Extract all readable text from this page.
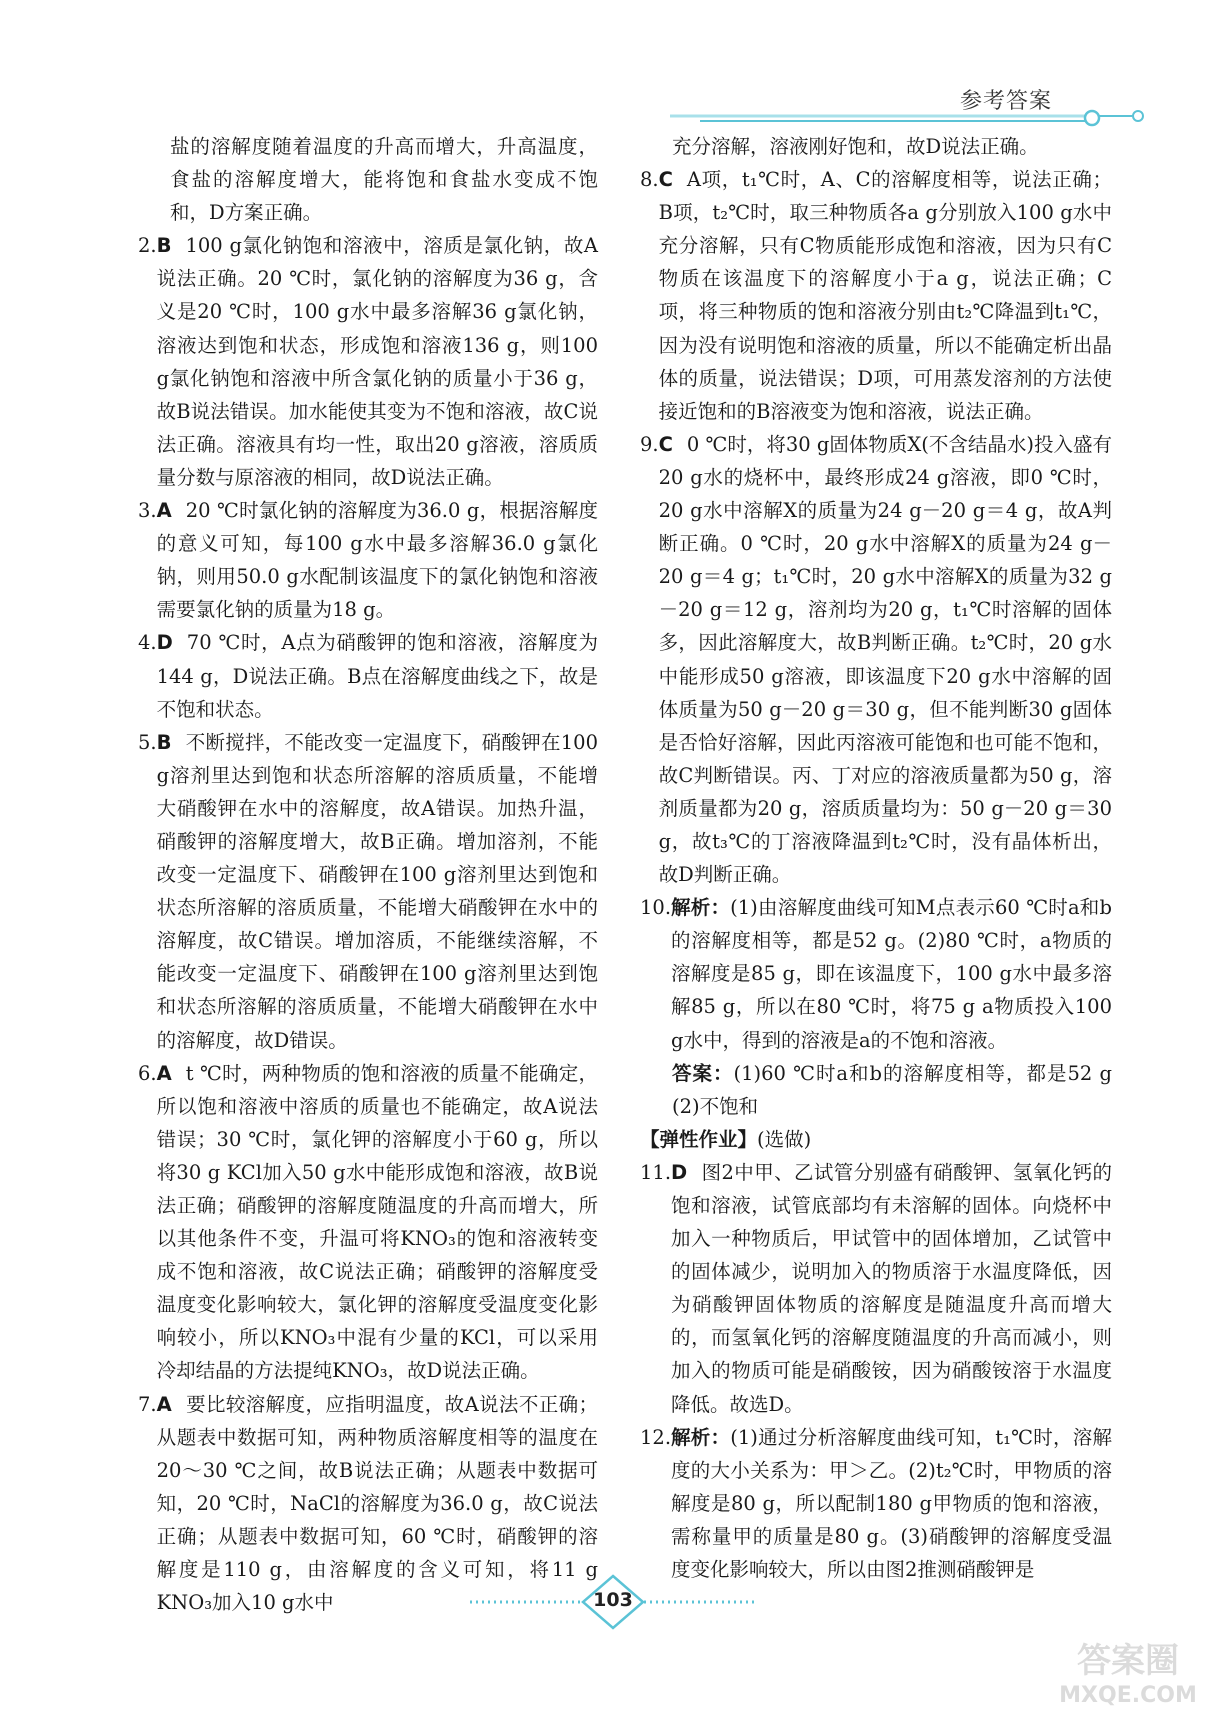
参考答案

盐的溶解度随着温度的升高而增大，升高温度，食盐的溶解度增大，能将饱和食盐水变成不饱和，D方案正确。

2. B 100 g氯化钠饱和溶液中，溶质是氯化钠，故A说法正确。20 ℃时，氯化钠的溶解度为36 g，含义是20 ℃时，100 g水中最多溶解36 g氯化钠，溶液达到饱和状态，形成饱和溶液136 g，则100 g氯化钠饱和溶液中所含氯化钠的质量小于36 g，故B说法错误。加水能使其变为不饱和溶液，故C说法正确。溶液具有均一性，取出20 g溶液，溶质质量分数与原溶液的相同，故D说法正确。
3. A 20 ℃时氯化钠的溶解度为36.0 g，根据溶解度的意义可知，每100 g水中最多溶解36.0 g氯化钠，则用50.0 g水配制该温度下的氯化钠饱和溶液需要氯化钠的质量为18 g。
4. D 70 ℃时，A点为硝酸钾的饱和溶液，溶解度为144 g，D说法正确。B点在溶解度曲线之下，故是不饱和状态。
5. B 不断搅拌，不能改变一定温度下，硝酸钾在100 g溶剂里达到饱和状态所溶解的溶质质量，不能增大硝酸钾在水中的溶解度，故A错误。加热升温，硝酸钾的溶解度增大，故B正确。增加溶剂，不能改变一定温度下、硝酸钾在100 g溶剂里达到饱和状态所溶解的溶质质量，不能增大硝酸钾在水中的溶解度，故C错误。增加溶质，不能继续溶解，不能改变一定温度下、硝酸钾在100 g溶剂里达到饱和状态所溶解的溶质质量，不能增大硝酸钾在水中的溶解度，故D错误。
6. A t ℃时，两种物质的饱和溶液的质量不能确定，所以饱和溶液中溶质的质量也不能确定，故A说法错误；30 ℃时，氯化钾的溶解度小于60 g，所以将30 g KCl加入50 g水中能形成饱和溶液，故B说法正确；硝酸钾的溶解度随温度的升高而增大，所以其他条件不变，升温可将KNO₃的饱和溶液转变成不饱和溶液，故C说法正确；硝酸钾的溶解度受温度变化影响较大，氯化钾的溶解度受温度变化影响较小，所以KNO₃中混有少量的KCl，可以采用冷却结晶的方法提纯KNO₃，故D说法正确。
7. A 要比较溶解度，应指明温度，故A说法不正确；从题表中数据可知，两种物质溶解度相等的温度在20～30 ℃之间，故B说法正确；从题表中数据可知，20 ℃时，NaCl的溶解度为36.0 g，故C说法正确；从题表中数据可知，60 ℃时，硝酸钾的溶解度是110 g，由溶解度的含义可知，将11 g KNO₃加入10 g水中

充分溶解，溶液刚好饱和，故D说法正确。

8. C A项，t₁℃时，A、C的溶解度相等，说法正确；B项，t₂℃时，取三种物质各a g分别放入100 g水中充分溶解，只有C物质能形成饱和溶液，因为只有C物质在该温度下的溶解度小于a g，说法正确；C项，将三种物质的饱和溶液分别由t₂℃降温到t₁℃，因为没有说明饱和溶液的质量，所以不能确定析出晶体的质量，说法错误；D项，可用蒸发溶剂的方法使接近饱和的B溶液变为饱和溶液，说法正确。
9. C 0 ℃时，将30 g固体物质X(不含结晶水)投入盛有20 g水的烧杯中，最终形成24 g溶液，即0 ℃时，20 g水中溶解X的质量为24 g－20 g＝4 g，故A判断正确。0 ℃时，20 g水中溶解X的质量为24 g－20 g＝4 g；t₁℃时，20 g水中溶解X的质量为32 g－20 g＝12 g，溶剂均为20 g，t₁℃时溶解的固体多，因此溶解度大，故B判断正确。t₂℃时，20 g水中能形成50 g溶液，即该温度下20 g水中溶解的固体质量为50 g－20 g＝30 g，但不能判断30 g固体是否恰好溶解，因此丙溶液可能饱和也可能不饱和，故C判断错误。丙、丁对应的溶液质量都为50 g，溶剂质量都为20 g，溶质质量均为：50 g－20 g＝30 g，故t₃℃的丁溶液降温到t₂℃时，没有晶体析出，故D判断正确。
10. 解析：(1)由溶解度曲线可知M点表示60 ℃时a和b的溶解度相等，都是52 g。(2)80 ℃时，a物质的溶解度是85 g，即在该温度下，100 g水中最多溶解85 g，所以在80 ℃时，将75 g a物质投入100 g水中，得到的溶液是a的不饱和溶液。
答案：(1)60 ℃时a和b的溶解度相等，都是52 g　(2)不饱和
【弹性作业】(选做)
11. D 图2中甲、乙试管分别盛有硝酸钾、氢氧化钙的饱和溶液，试管底部均有未溶解的固体。向烧杯中加入一种物质后，甲试管中的固体增加，乙试管中的固体减少，说明加入的物质溶于水温度降低，因为硝酸钾固体物质的溶解度是随温度升高而增大的，而氢氧化钙的溶解度随温度的升高而减小，则加入的物质可能是硝酸铵，因为硝酸铵溶于水温度降低。故选D。
12. 解析：(1)通过分析溶解度曲线可知，t₁℃时，溶解度的大小关系为：甲＞乙。(2)t₂℃时，甲物质的溶解度是80 g，所以配制180 g甲物质的饱和溶液，需称量甲的质量是80 g。(3)硝酸钾的溶解度受温度变化影响较大，所以由图2推测硝酸钾是
103
答案圈
MXQE.COM
